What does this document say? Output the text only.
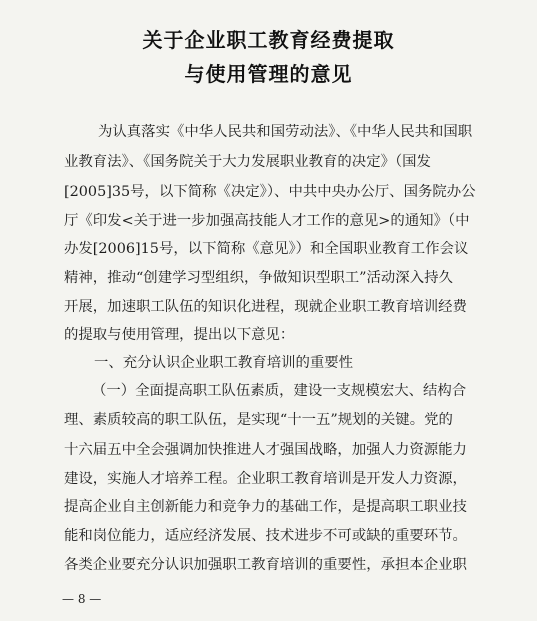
关于企业职工教育经费提取
与使用管理的意见
为认真落实《中华人民共和国劳动法》、《中华人民共和国职
业教育法》、《国务院关于大力发展职业教育的决定》（国发
[2005]35号，以下简称《决定》）、中共中央办公厅、国务院办公
厅《印发<关于进一步加强高技能人才工作的意见>的通知》（中
办发[2006]15号，以下简称《意见》）和全国职业教育工作会议
精神，推动“创建学习型组织，争做知识型职工”活动深入持久
开展，加速职工队伍的知识化进程，现就企业职工教育培训经费
的提取与使用管理，提出以下意见：
一、充分认识企业职工教育培训的重要性
（一）全面提高职工队伍素质，建设一支规模宏大、结构合
理、素质较高的职工队伍，是实现“十一五”规划的关键。党的
十六届五中全会强调加快推进人才强国战略，加强人力资源能力
建设，实施人才培养工程。企业职工教育培训是开发人力资源，
提高企业自主创新能力和竞争力的基础工作，是提高职工职业技
能和岗位能力，适应经济发展、技术进步不可或缺的重要环节。
各类企业要充分认识加强职工教育培训的重要性，承担本企业职
— 8 —
